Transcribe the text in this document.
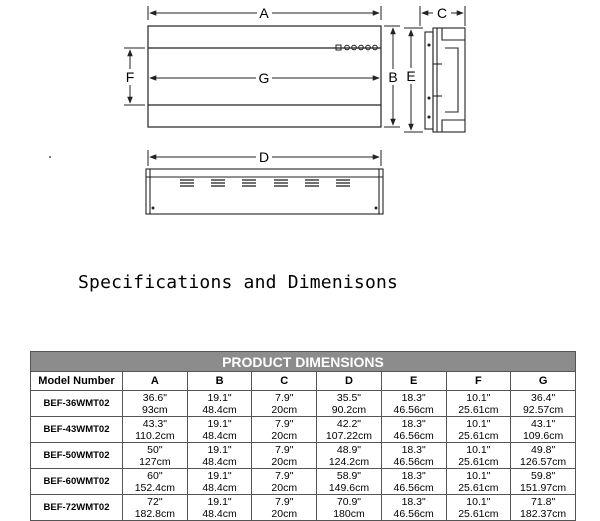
A
G
F	B
C
E
D
Specifications and Dimenisons
PRODUCT DIMENSIONS							
Model Number	A	B	C	D	E	F	G
BEF-36WMT02	36.6"
93cm	19.1"
48.4cm	7.9"
20cm	35.5"
90.2cm	18.3"
46.56cm	10.1"
25.61cm	36.4"
92.57cm

BEF-43WMT02	43.3"
110.2cm	19.1"
48.4cm	7.9"
20cm	42.2"
107.22cm	18.3"
46.56cm	10.1"
25.61cm	43.1"
109.6cm

BEF-50WMT02	50"
127cm	19.1"
48.4cm	7.9"
20cm	48.9"
124.2cm	18.3"
46.56cm	10.1"
25.61cm	49.8"
126.57cm

BEF-60WMT02	60"
152.4cm	19.1"
48.4cm	7.9"
20cm	58.9"
149.6cm	18.3"
46.56cm	10.1"
25.61cm	59.8"
151.97cm

BEF-72WMT02	72"
182.8cm	19.1"
48.4cm	7.9"
20cm	70.9"
180cm	18.3"
46.56cm	10.1"
25.61cm	71.8"
182.37cm
